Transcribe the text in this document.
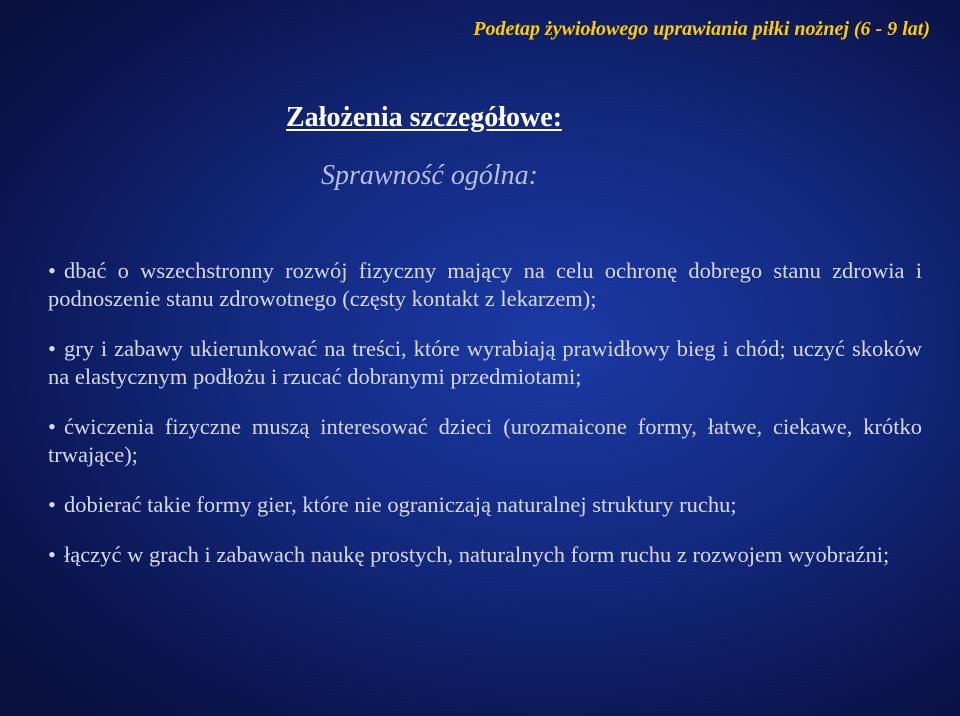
Podetap żywiołowego uprawiania piłki nożnej (6 - 9 lat)
Założenia szczegółowe:
Sprawność ogólna:
• dbać o wszechstronny rozwój fizyczny mający na celu ochronę dobrego stanu zdrowia i podnoszenie stanu zdrowotnego (częsty kontakt z lekarzem);
• gry i zabawy ukierunkować na treści, które wyrabiają prawidłowy bieg i chód; uczyć skoków na elastycznym podłożu i rzucać dobranymi przedmiotami;
• ćwiczenia fizyczne muszą interesować dzieci (urozmaicone formy, łatwe, ciekawe, krótko trwające);
• dobierać takie formy gier, które nie ograniczają naturalnej struktury ruchu;
• łączyć w grach i zabawach naukę prostych, naturalnych form ruchu z rozwojem wyobraźni;
